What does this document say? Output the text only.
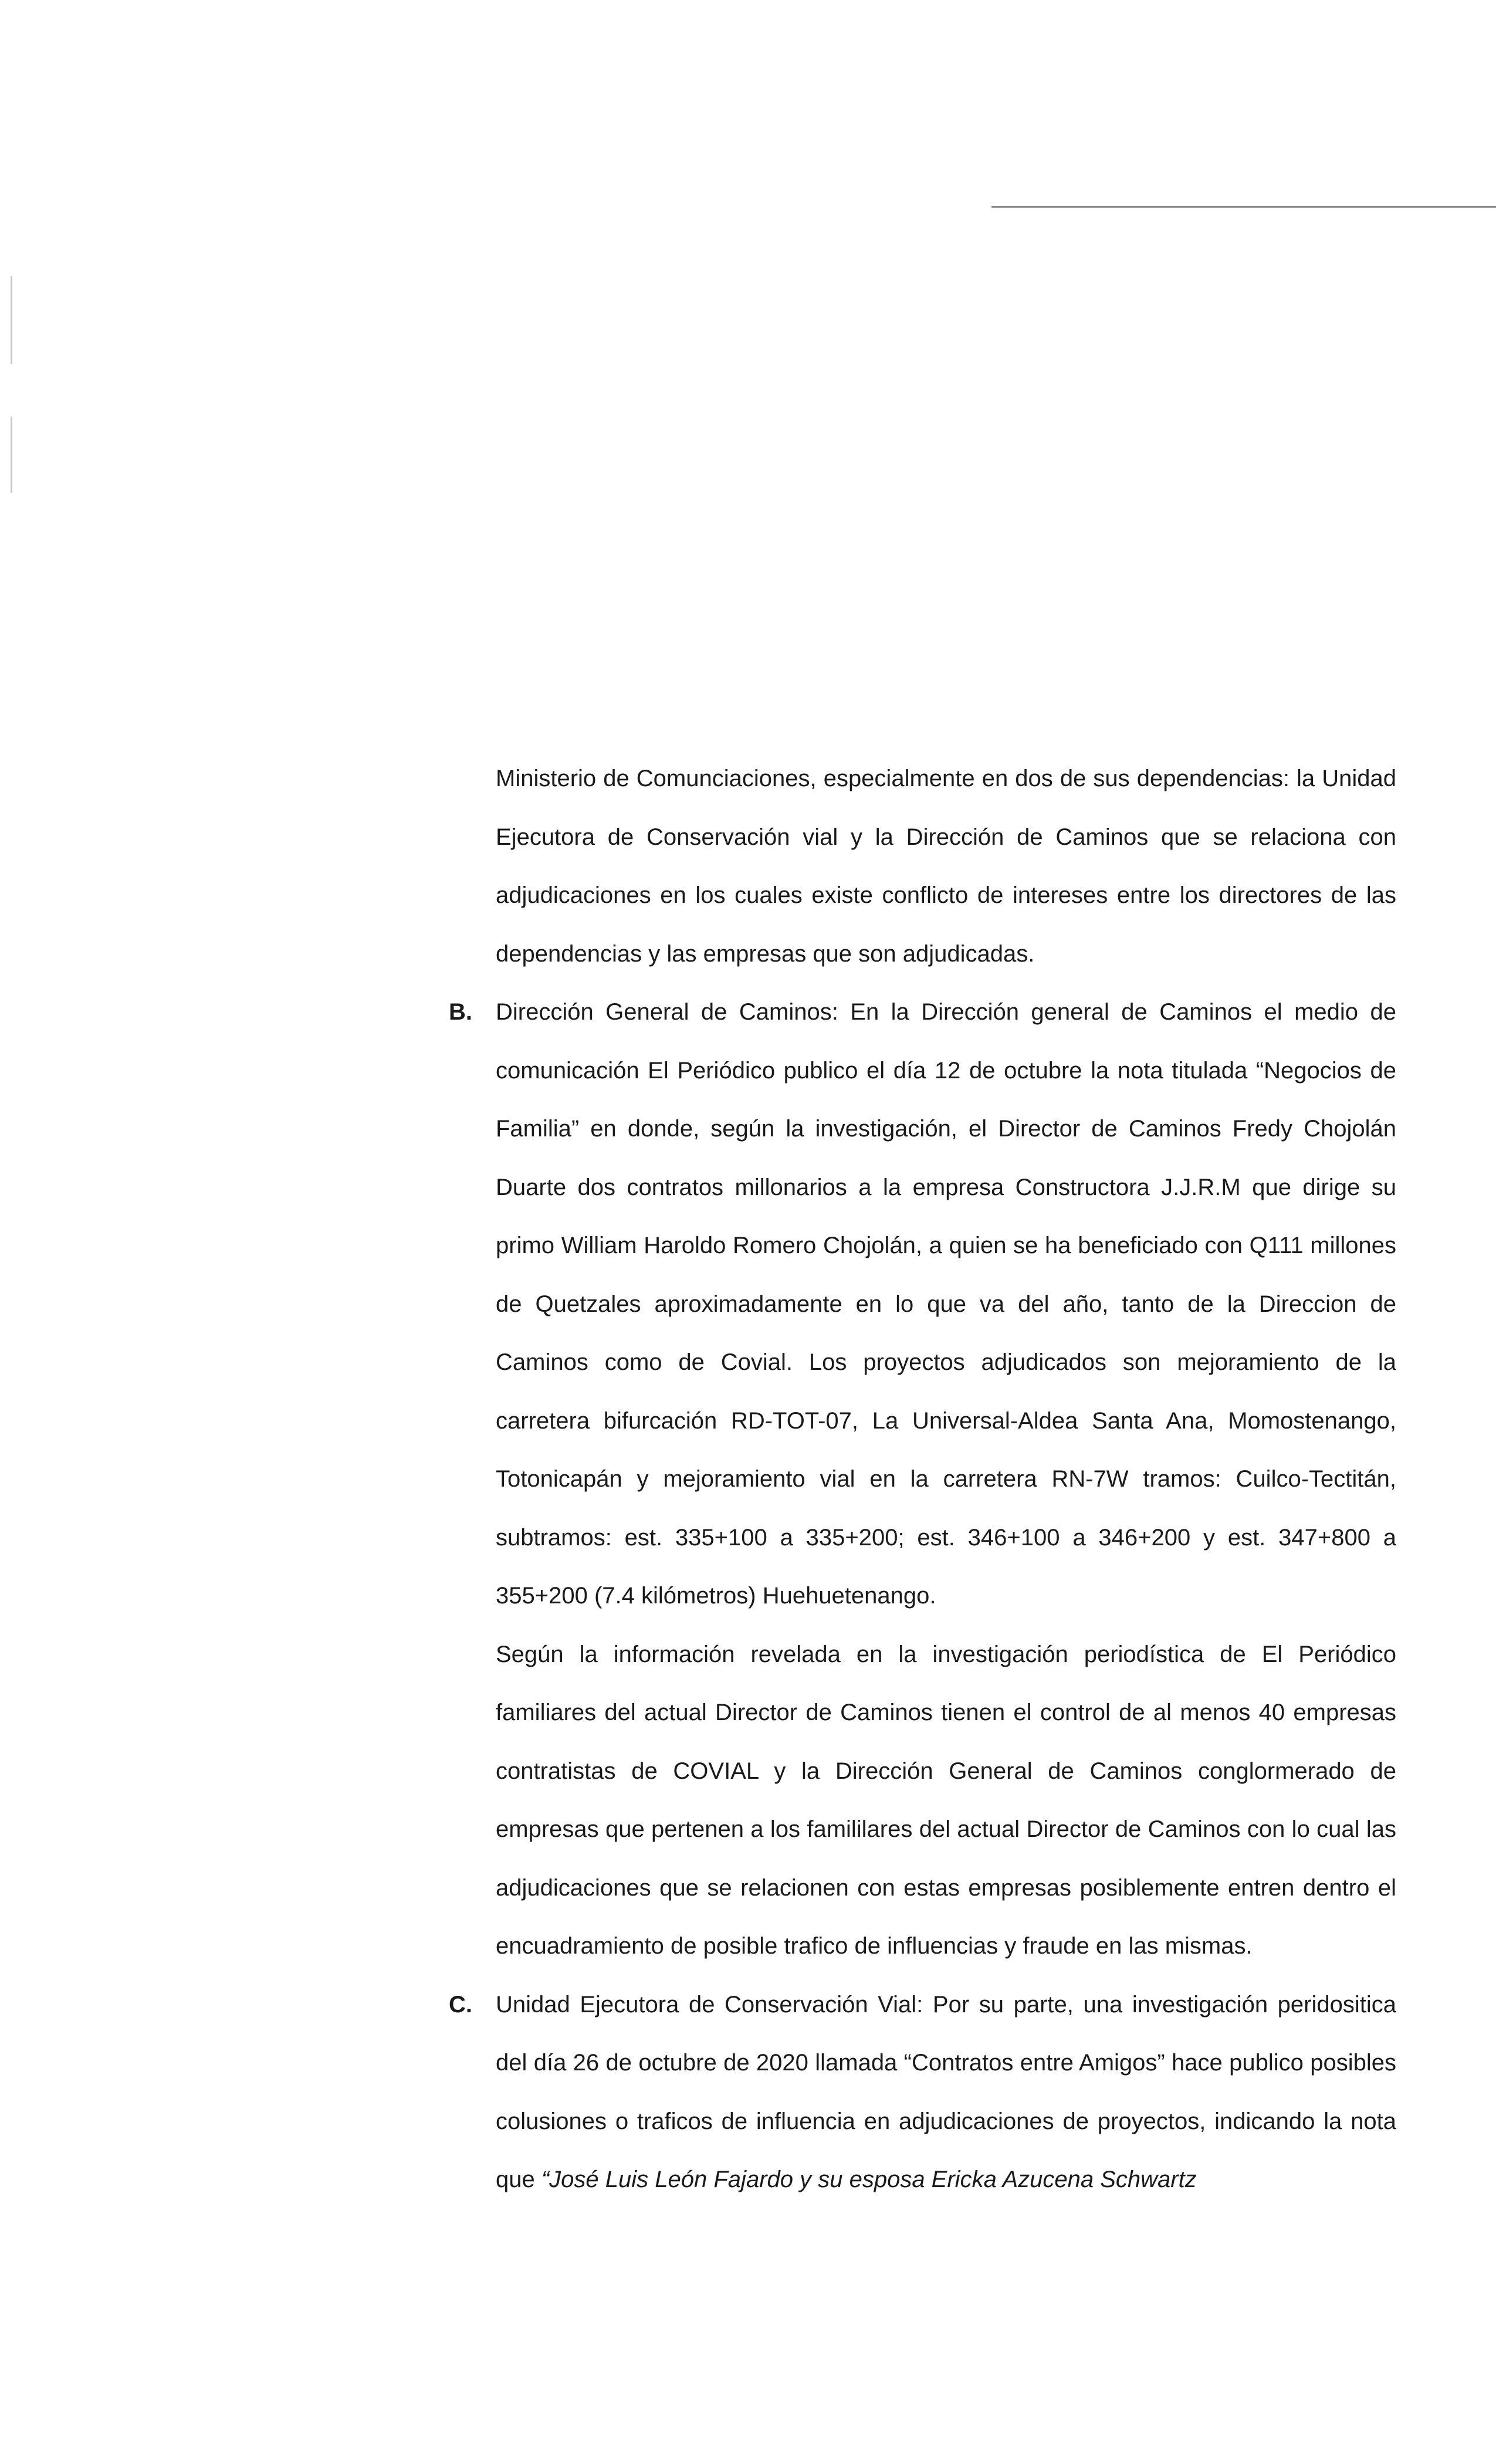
Ministerio de Comunciaciones, especialmente en dos de sus dependencias: la Unidad Ejecutora de Conservación vial y la Dirección de Caminos que se relaciona con adjudicaciones en los cuales existe conflicto de intereses entre los directores de las dependencias y las empresas que son adjudicadas.

B. Dirección General de Caminos: En la Dirección general de Caminos el medio de comunicación El Periódico publico el día 12 de octubre la nota titulada “Negocios de Familia” en donde, según la investigación, el Director de Caminos Fredy Chojolán Duarte dos contratos millonarios a la empresa Constructora J.J.R.M que dirige su primo William Haroldo Romero Chojolán, a quien se ha beneficiado con Q111 millones de Quetzales aproximadamente en lo que va del año, tanto de la Direccion de Caminos como de Covial. Los proyectos adjudicados son mejoramiento de la carretera bifurcación RD-TOT-07, La Universal-Aldea Santa Ana, Momostenango, Totonicapán y mejoramiento vial en la carretera RN-7W tramos: Cuilco-Tectitán, subtramos: est. 335+100 a 335+200; est. 346+100 a 346+200 y est. 347+800 a 355+200 (7.4 kilómetros) Huehuetenango.

Según la información revelada en la investigación periodística de El Periódico familiares del actual Director de Caminos tienen el control de al menos 40 empresas contratistas de COVIAL y la Dirección General de Caminos conglormerado de empresas que pertenen a los famililares del actual Director de Caminos con lo cual las adjudicaciones que se relacionen con estas empresas posiblemente entren dentro el encuadramiento de posible trafico de influencias y fraude en las mismas.

C. Unidad Ejecutora de Conservación Vial: Por su parte, una investigación peridositica del día 26 de octubre de 2020 llamada “Contratos entre Amigos” hace publico posibles colusiones o traficos de influencia en adjudicaciones de proyectos, indicando la nota que “José Luis León Fajardo y su esposa Ericka Azucena Schwartz
